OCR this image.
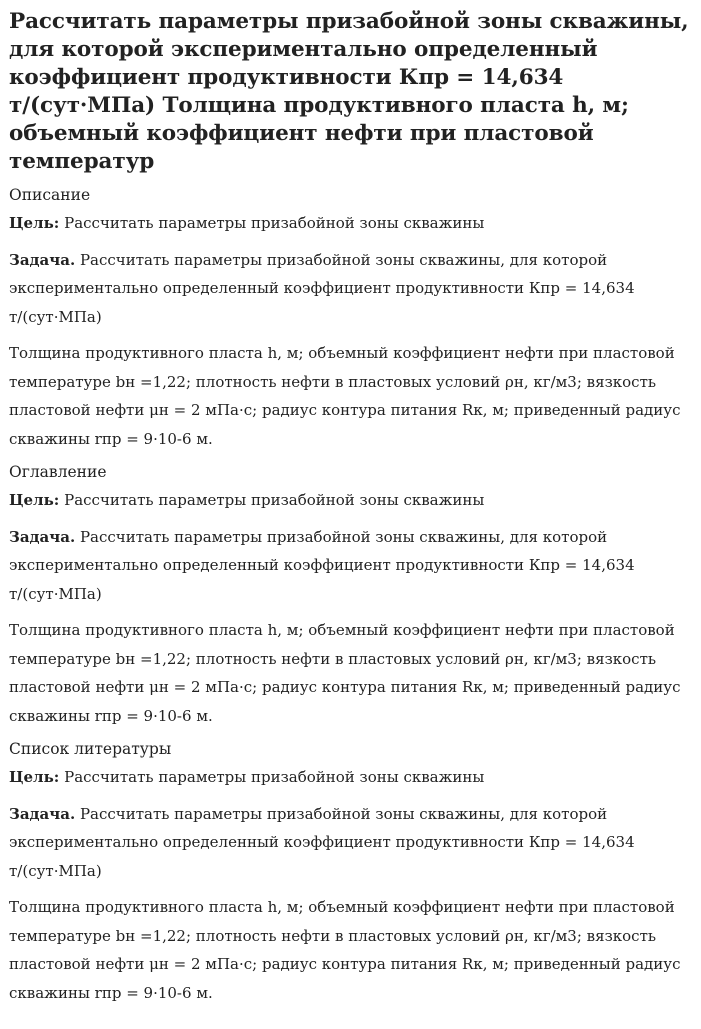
Рассчитать параметры призабойной зоны скважины, для которой экспериментально определенный коэффициент продуктивности Кпр = 14,634 т/(сут·МПа) Толщина продуктивного пласта h, м; объемный коэффициент нефти при пластовой температур
Описание

Цель: Рассчитать параметры призабойной зоны скважины

Задача. Рассчитать параметры призабойной зоны скважины, для которой экспериментально определенный коэффициент продуктивности Кпр = 14,634 т/(сут·МПа)

Толщина продуктивного пласта h, м; объемный коэффициент нефти при пластовой температуре bн =1,22; плотность нефти в пластовых условий ρн, кг/м3; вязкость пластовой нефти μн = 2 мПа·с; радиус контура питания Rк, м; приведенный радиус скважины rпр = 9·10-6 м.

Оглавление

Цель: Рассчитать параметры призабойной зоны скважины

Задача. Рассчитать параметры призабойной зоны скважины, для которой экспериментально определенный коэффициент продуктивности Кпр = 14,634 т/(сут·МПа)

Толщина продуктивного пласта h, м; объемный коэффициент нефти при пластовой температуре bн =1,22; плотность нефти в пластовых условий ρн, кг/м3; вязкость пластовой нефти μн = 2 мПа·с; радиус контура питания Rк, м; приведенный радиус скважины rпр = 9·10-6 м.

Список литературы

Цель: Рассчитать параметры призабойной зоны скважины

Задача. Рассчитать параметры призабойной зоны скважины, для которой экспериментально определенный коэффициент продуктивности Кпр = 14,634 т/(сут·МПа)

Толщина продуктивного пласта h, м; объемный коэффициент нефти при пластовой температуре bн =1,22; плотность нефти в пластовых условий ρн, кг/м3; вязкость пластовой нефти μн = 2 мПа·с; радиус контура питания Rк, м; приведенный радиус скважины rпр = 9·10-6 м.
